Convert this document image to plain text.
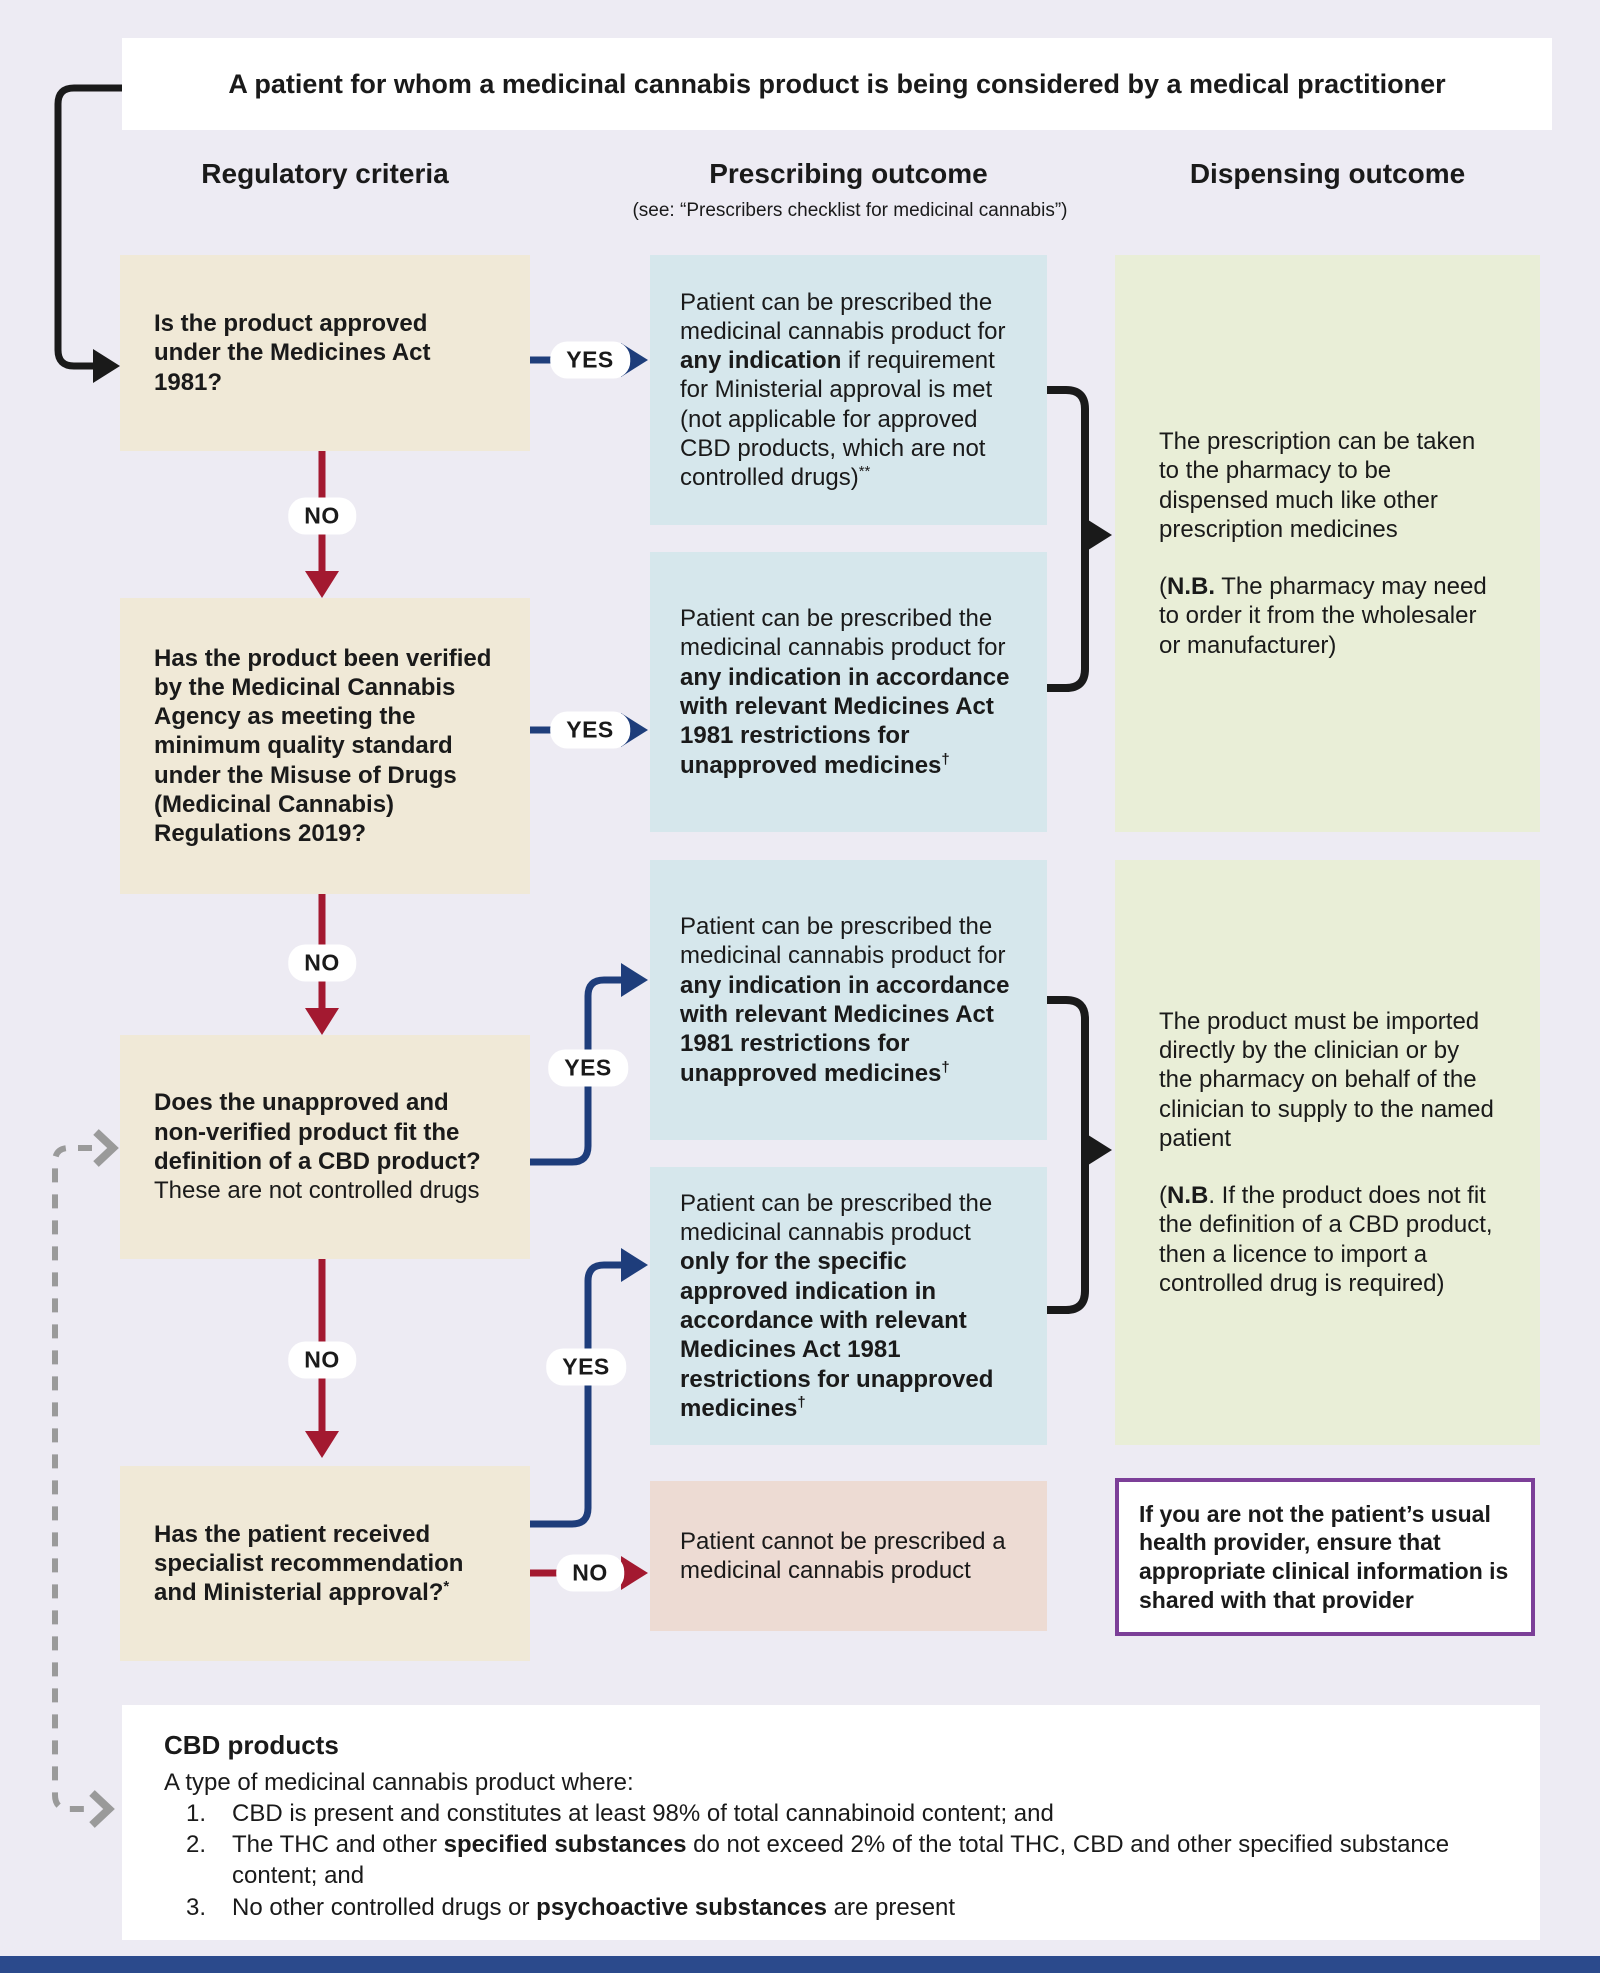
A patient for whom a medicinal cannabis product is being considered by a medical practitioner
Regulatory criteria	Prescribing outcome
(see: “Prescribers checklist for medicinal cannabis”)
Dispensing outcome
Is the product approved under the Medicines Act 1981?
Has the product been verified by the Medicinal Cannabis Agency as meeting the minimum quality standard under the Misuse of Drugs (Medicinal Cannabis) Regulations 2019?
Does the unapproved and non-verified product fit the definition of a CBD product? These are not controlled drugs
Has the patient received specialist recommendation and Ministerial approval?*
Patient can be prescribed the medicinal cannabis product for any indication if requirement for Ministerial approval is met (not applicable for approved CBD products, which are not controlled drugs)**
Patient can be prescribed the medicinal cannabis product for any indication in accordance with relevant Medicines Act 1981 restrictions for unapproved medicines†
Patient can be prescribed the medicinal cannabis product for any indication in accordance with relevant Medicines Act 1981 restrictions for unapproved medicines†
Patient can be prescribed the medicinal cannabis product only for the specific approved indication in accordance with relevant Medicines Act 1981 restrictions for unapproved medicines†
Patient cannot be prescribed a medicinal cannabis product

The prescription can be taken to the pharmacy to be dispensed much like other prescription medicines

(N.B. The pharmacy may need to order it from the wholesaler or manufacturer)

The product must be imported directly by the clinician or by the pharmacy on behalf of the clinician to supply to the named patient

(N.B. If the product does not fit the definition of a CBD product, then a licence to import a controlled drug is required)

If you are not the patient’s usual health provider, ensure that appropriate clinical information is shared with that provider
YES
NO
YES
NO
YES
NO	YES
NO
CBD products

A type of medicinal cannabis product where:

1.	CBD is present and constitutes at least 98% of total cannabinoid content; and
2.	The THC and other specified substances do not exceed 2% of the total THC, CBD and other specified substance content; and
3.	No other controlled drugs or psychoactive substances are present
